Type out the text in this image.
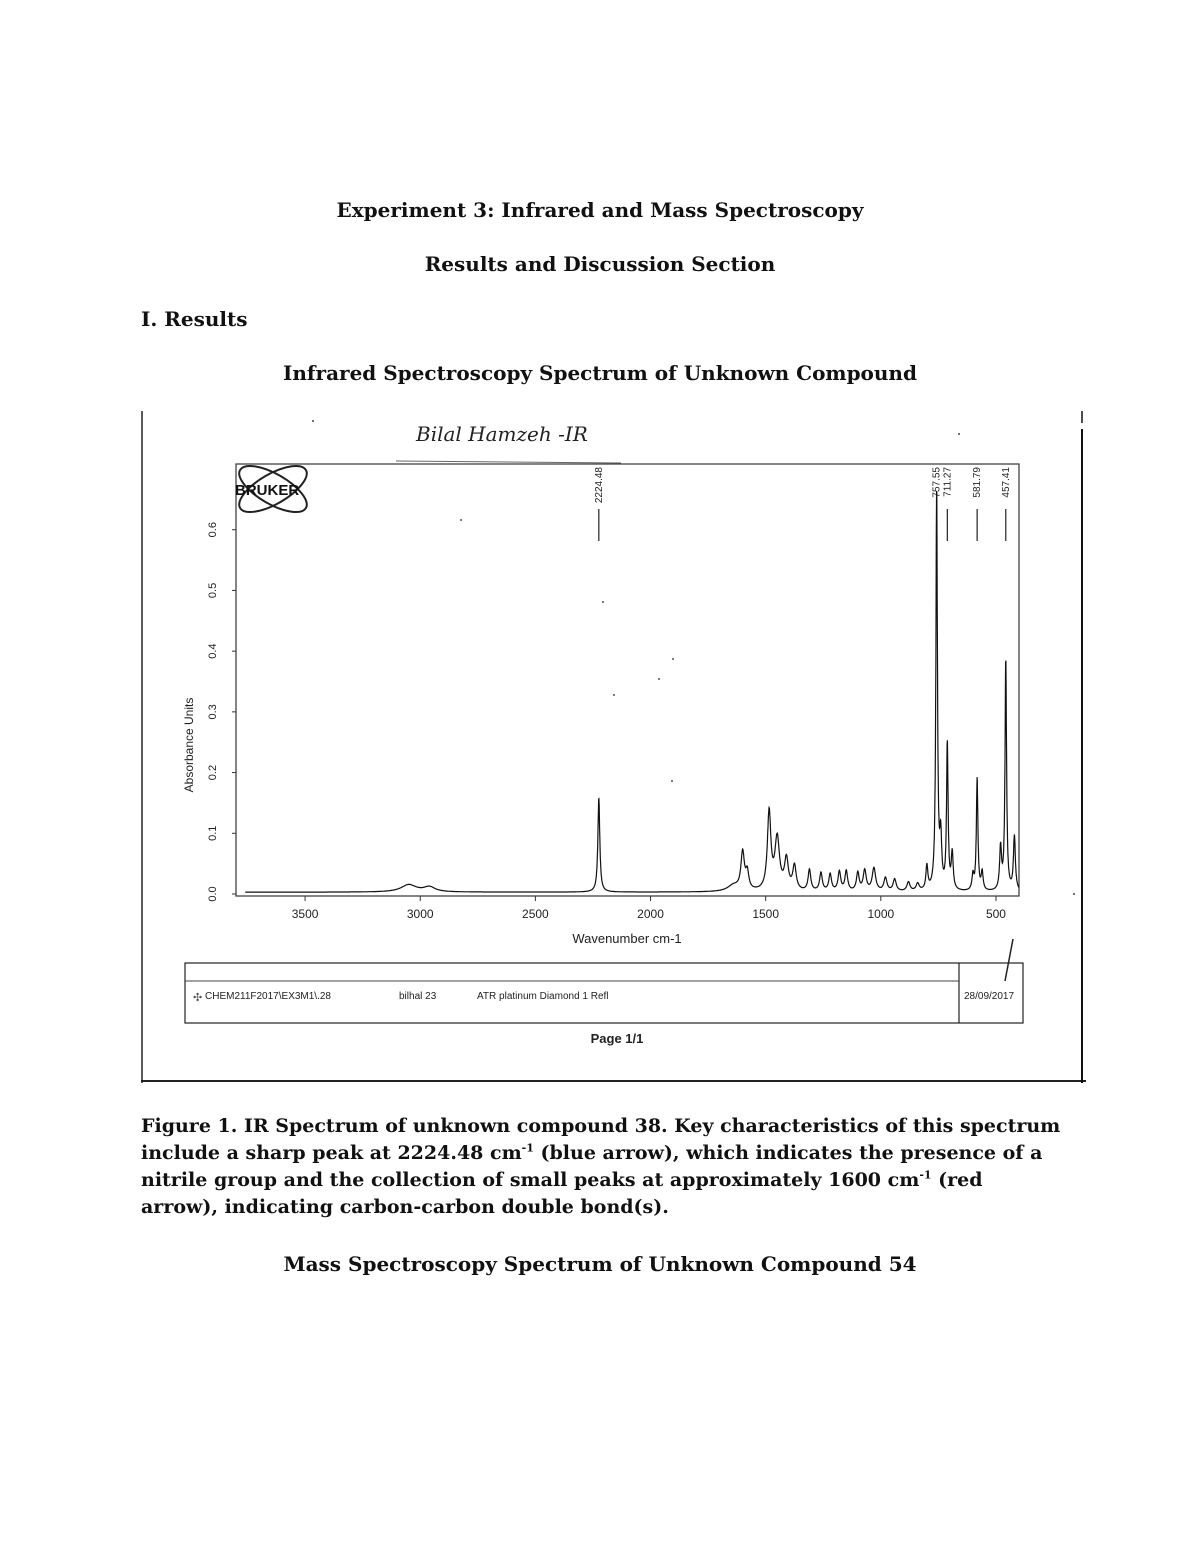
Experiment 3: Infrared and Mass Spectroscopy
Results and Discussion Section
I. Results
Infrared Spectroscopy Spectrum of Unknown Compound
Bilal Hamzeh -IR
BRUKER
Absorbance Units
Wavenumber cm-1
0.0
0.1
0.2
0.3
0.4
0.5
0.6
3500	3000	2500	2000	1500	1000	500
2224.48	757.55 711.27 581.79 457.41
✣ CHEM211F2017\EX3M1\.28	bilhal 23	ATR platinum Diamond 1 Refl	28/09/2017
Page 1/1
Figure 1. IR Spectrum of unknown compound 38. Key characteristics of this spectrum include a sharp peak at 2224.48 $cm^{-1}$ (blue arrow), which indicates the presence of a nitrile group and the collection of small peaks at approximately 1600 $cm^{-1}$ (red arrow), indicating carbon-carbon double bond(s).
Mass Spectroscopy Spectrum of Unknown Compound 54
